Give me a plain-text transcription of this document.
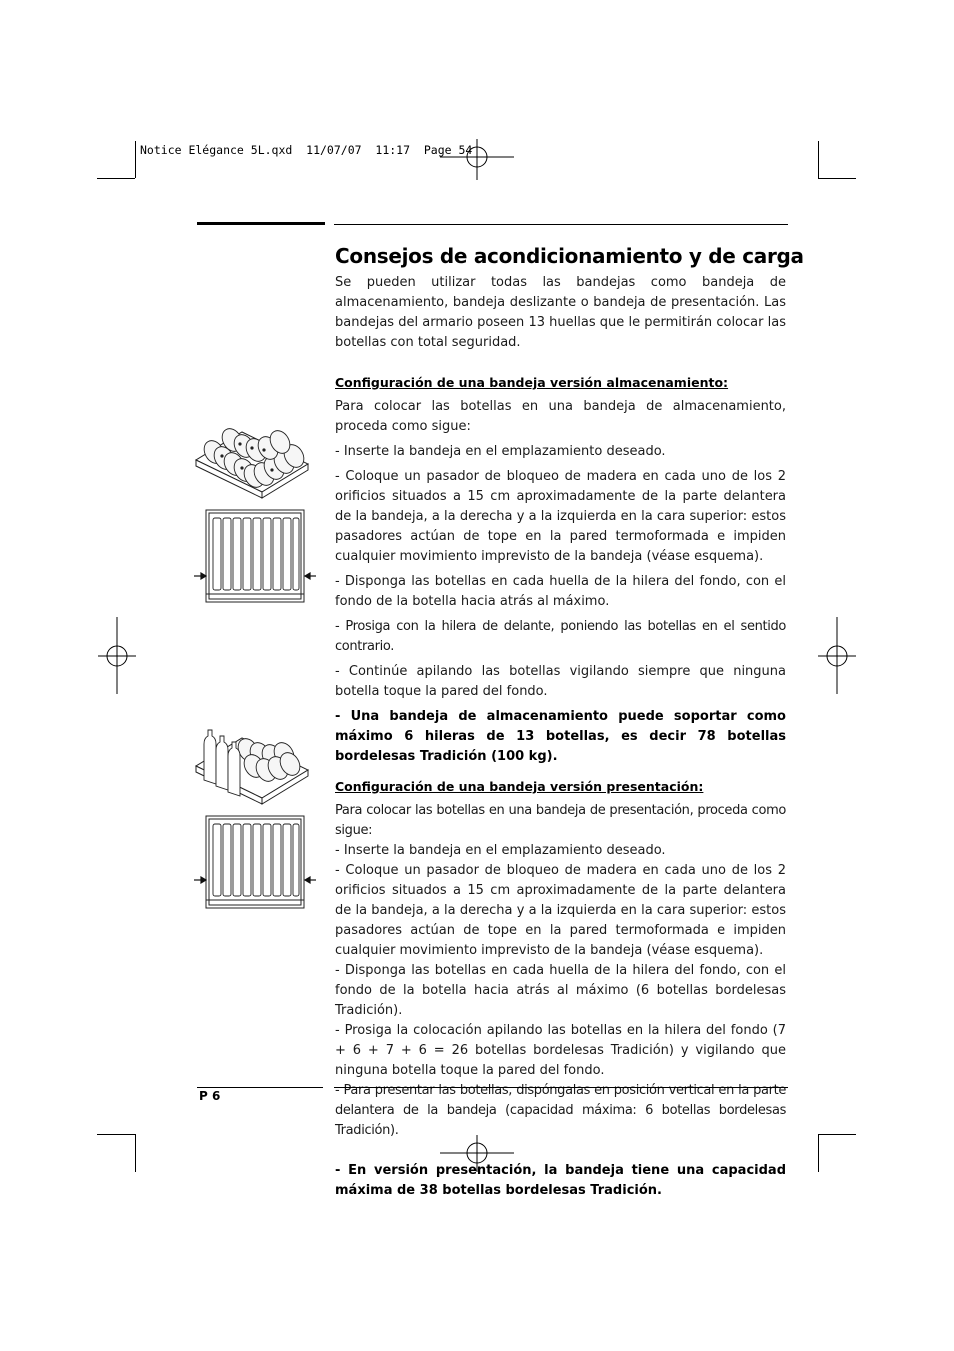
Notice Elégance 5L.qxd  11/07/07  11:17  Page 54
Consejos de acondicionamiento y de carga

Se pueden utilizar todas las bandejas como bandeja de almacenamiento, bandeja deslizante o bandeja de presentación. Las bandejas del armario poseen 13 huellas que le permitirán colocar las botellas con total seguridad.

Configuración de una bandeja versión almacenamiento:

Para colocar las botellas en una bandeja de almacenamiento, proceda como sigue:

- Inserte la bandeja en el emplazamiento deseado.

- Coloque un pasador de bloqueo de madera en cada uno de los 2 orificios situados a 15 cm aproximadamente de la parte delantera de la bandeja, a la derecha y a la izquierda en la cara superior: estos pasadores actúan de tope en la pared termoformada e impiden cualquier movimiento imprevisto de la bandeja (véase esquema).

- Disponga las botellas en cada huella de la hilera del fondo, con el fondo de la botella hacia atrás al máximo.

- Prosiga con la hilera de delante, poniendo las botellas en el sentido contrario.

- Continúe apilando las botellas vigilando siempre que ninguna botella toque la pared del fondo.

- Una bandeja de almacenamiento puede soportar como máximo 6 hileras de 13 botellas, es decir 78 botellas bordelesas Tradición (100 kg).

Configuración de una bandeja versión presentación:

Para colocar las botellas en una bandeja de presentación, proceda como sigue:

- Inserte la bandeja en el emplazamiento deseado.

- Coloque un pasador de bloqueo de madera en cada uno de los 2 orificios situados a 15 cm aproximadamente de la parte delantera de la bandeja, a la derecha y a la izquierda en la cara superior: estos pasadores actúan de tope en la pared termoformada e impiden cualquier movimiento imprevisto de la bandeja (véase esquema).

- Disponga las botellas en cada huella de la hilera del fondo, con el fondo de la botella hacia atrás al máximo (6 botellas bordelesas Tradición).

- Prosiga la colocación apilando las botellas en la hilera del fondo (7 + 6 + 7 + 6 = 26 botellas bordelesas Tradición) y vigilando que ninguna botella toque la pared del fondo.

- Para presentar las botellas, dispóngalas en posición vertical en la parte delantera de la bandeja (capacidad máxima: 6 botellas bordelesas Tradición).

- En versión presentación, la bandeja tiene una capacidad máxima de 38 botellas bordelesas Tradición.

P 6
